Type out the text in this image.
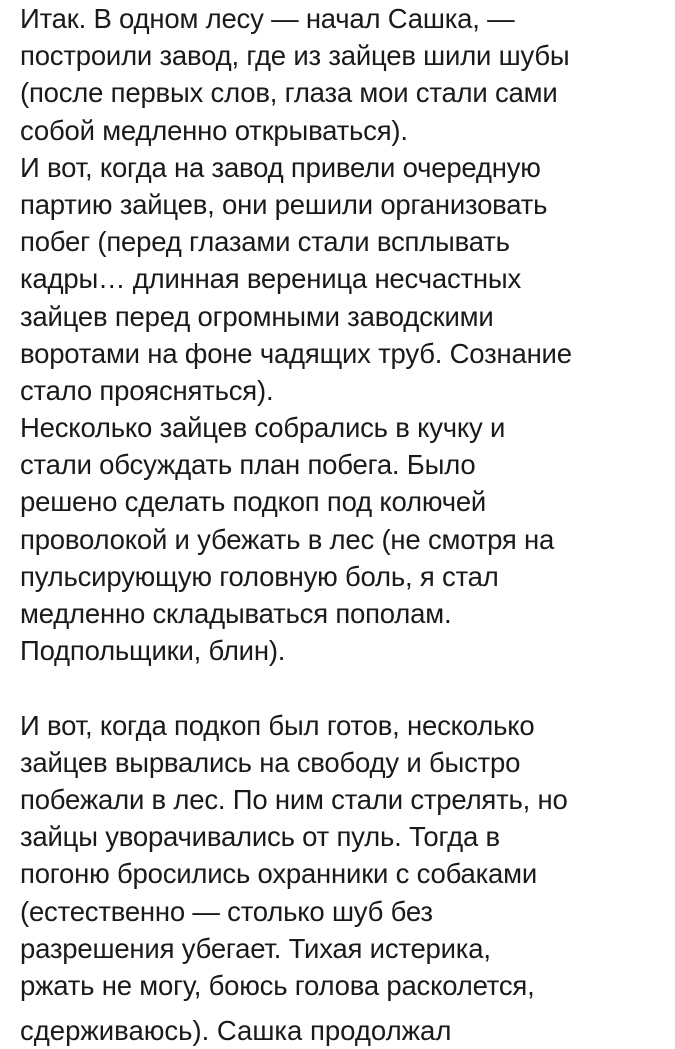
Итак. В одном лесу — начал Сашка, —
построили завод, где из зайцев шили шубы
(после первых слов, глаза мои стали сами
собой медленно открываться).
И вот, когда на завод привели очередную
партию зайцев, они решили организовать
побег (перед глазами стали всплывать
кадры… длинная вереница несчастных
зайцев перед огромными заводскими
воротами на фоне чадящих труб. Сознание
стало проясняться).
Несколько зайцев собрались в кучку и
стали обсуждать план побега. Было
решено сделать подкоп под колючей
проволокой и убежать в лес (не смотря на
пульсирующую головную боль, я стал
медленно складываться пополам.
Подпольщики, блин).
И вот, когда подкоп был готов, несколько
зайцев вырвались на свободу и быстро
побежали в лес. По ним стали стрелять, но
зайцы уворачивались от пуль. Тогда в
погоню бросились охранники с собаками
(естественно — столько шуб без
разрешения убегает. Тихая истерика,
ржать не могу, боюсь голова расколется,
сдерживаюсь). Сашка продолжал
